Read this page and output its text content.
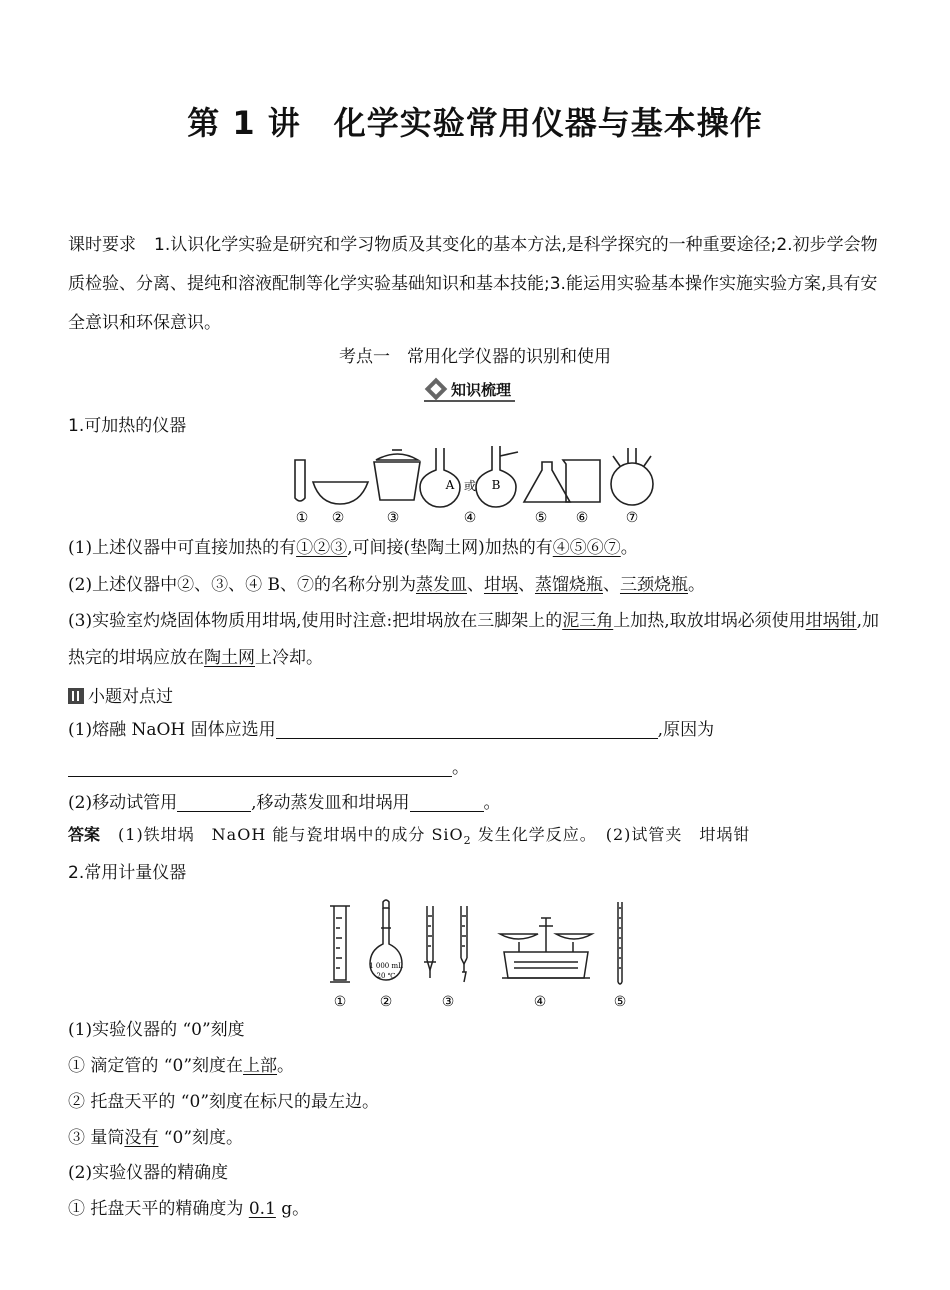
第 1 讲　化学实验常用仪器与基本操作
课时要求 1.认识化学实验是研究和学习物质及其变化的基本方法,是科学探究的一种重要途径;2.初步学会物质检验、分离、提纯和溶液配制等化学实验基础知识和基本技能;3.能运用实验基本操作实施实验方案,具有安全意识和环保意识。
考点一　常用化学仪器的识别和使用
知识梳理
1.可加热的仪器
A 或 B
① ②	③	④	⑤ ⑥	⑦
(1)上述仪器中可直接加热的有①②③,可间接(垫陶土网)加热的有④⑤⑥⑦。
(2)上述仪器中②、③、④ B、⑦的名称分别为蒸发皿、坩埚、蒸馏烧瓶、三颈烧瓶。
(3)实验室灼烧固体物质用坩埚,使用时注意:把坩埚放在三脚架上的泥三角上加热,取放坩埚必须使用坩埚钳,加热完的坩埚应放在陶土网上冷却。
小题对点过
(1)熔融 NaOH 固体应选用	,原因为
。
(2)移动试管用	,移动蒸发皿和坩埚用	。
答案 (1)铁坩埚　NaOH 能与瓷坩埚中的成分 SiO$_2$ 发生化学反应。　(2)试管夹　坩埚钳
2.常用计量仪器
1 000 mL
20 ℃
① ②	③	④	⑤
(1)实验仪器的 “0”刻度
① 滴定管的 “0”刻度在上部。
② 托盘天平的 “0”刻度在标尺的最左边。
③ 量筒没有 “0”刻度。
(2)实验仪器的精确度
① 托盘天平的精确度为 0.1 g。
